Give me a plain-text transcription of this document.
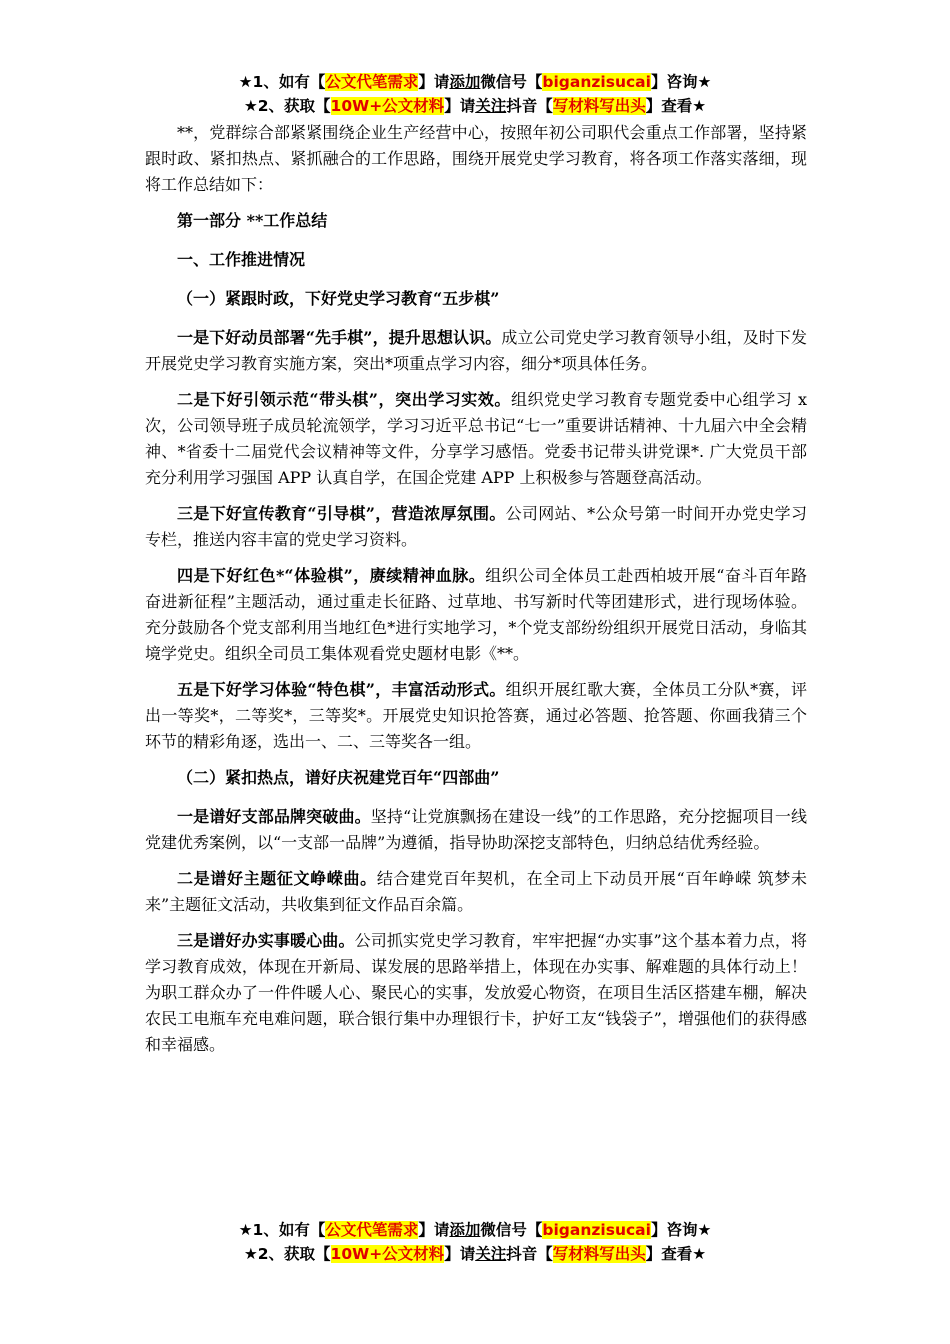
★1、如有【公文代笔需求】请添加微信号【biganzisucai】咨询★
★2、获取【10W+公文材料】请关注抖音【写材料写出头】查看★

**，党群综合部紧紧围绕企业生产经营中心，按照年初公司职代会重点工作部署，坚持紧跟时政、紧扣热点、紧抓融合的工作思路，围绕开展党史学习教育，将各项工作落实落细，现将工作总结如下：

第一部分 **工作总结

一、工作推进情况

（一）紧跟时政，下好党史学习教育“五步棋”

一是下好动员部署“先手棋”，提升思想认识。成立公司党史学习教育领导小组，及时下发开展党史学习教育实施方案，突出*项重点学习内容，细分*项具体任务。

二是下好引领示范“带头棋”，突出学习实效。组织党史学习教育专题党委中心组学习 x 次，公司领导班子成员轮流领学，学习习近平总书记“七一”重要讲话精神、十九届六中全会精神、*省委十二届党代会议精神等文件，分享学习感悟。党委书记带头讲党课*. 广大党员干部充分利用学习强国 APP 认真自学，在国企党建 APP 上积极参与答题登高活动。

三是下好宣传教育“引导棋”，营造浓厚氛围。公司网站、*公众号第一时间开办党史学习专栏，推送内容丰富的党史学习资料。

四是下好红色*“体验棋”，赓续精神血脉。组织公司全体员工赴西柏坡开展“奋斗百年路 奋进新征程”主题活动，通过重走长征路、过草地、书写新时代等团建形式，进行现场体验。充分鼓励各个党支部利用当地红色*进行实地学习，*个党支部纷纷组织开展党日活动，身临其境学党史。组织全司员工集体观看党史题材电影《**。

五是下好学习体验“特色棋”，丰富活动形式。组织开展红歌大赛，全体员工分队*赛，评出一等奖*，二等奖*，三等奖*。开展党史知识抢答赛，通过必答题、抢答题、你画我猜三个环节的精彩角逐，选出一、二、三等奖各一组。

（二）紧扣热点，谱好庆祝建党百年“四部曲”

一是谱好支部品牌突破曲。坚持“让党旗飘扬在建设一线”的工作思路，充分挖掘项目一线党建优秀案例，以“一支部一品牌”为遵循，指导协助深挖支部特色，归纳总结优秀经验。

二是谱好主题征文峥嵘曲。结合建党百年契机，在全司上下动员开展“百年峥嵘 筑梦未来”主题征文活动，共收集到征文作品百余篇。

三是谱好办实事暖心曲。公司抓实党史学习教育，牢牢把握“办实事”这个基本着力点，将学习教育成效，体现在开新局、谋发展的思路举措上，体现在办实事、解难题的具体行动上！为职工群众办了一件件暖人心、聚民心的实事，发放爱心物资，在项目生活区搭建车棚，解决农民工电瓶车充电难问题，联合银行集中办理银行卡，护好工友“钱袋子”，增强他们的获得感和幸福感。

★1、如有【公文代笔需求】请添加微信号【biganzisucai】咨询★
★2、获取【10W+公文材料】请关注抖音【写材料写出头】查看★
